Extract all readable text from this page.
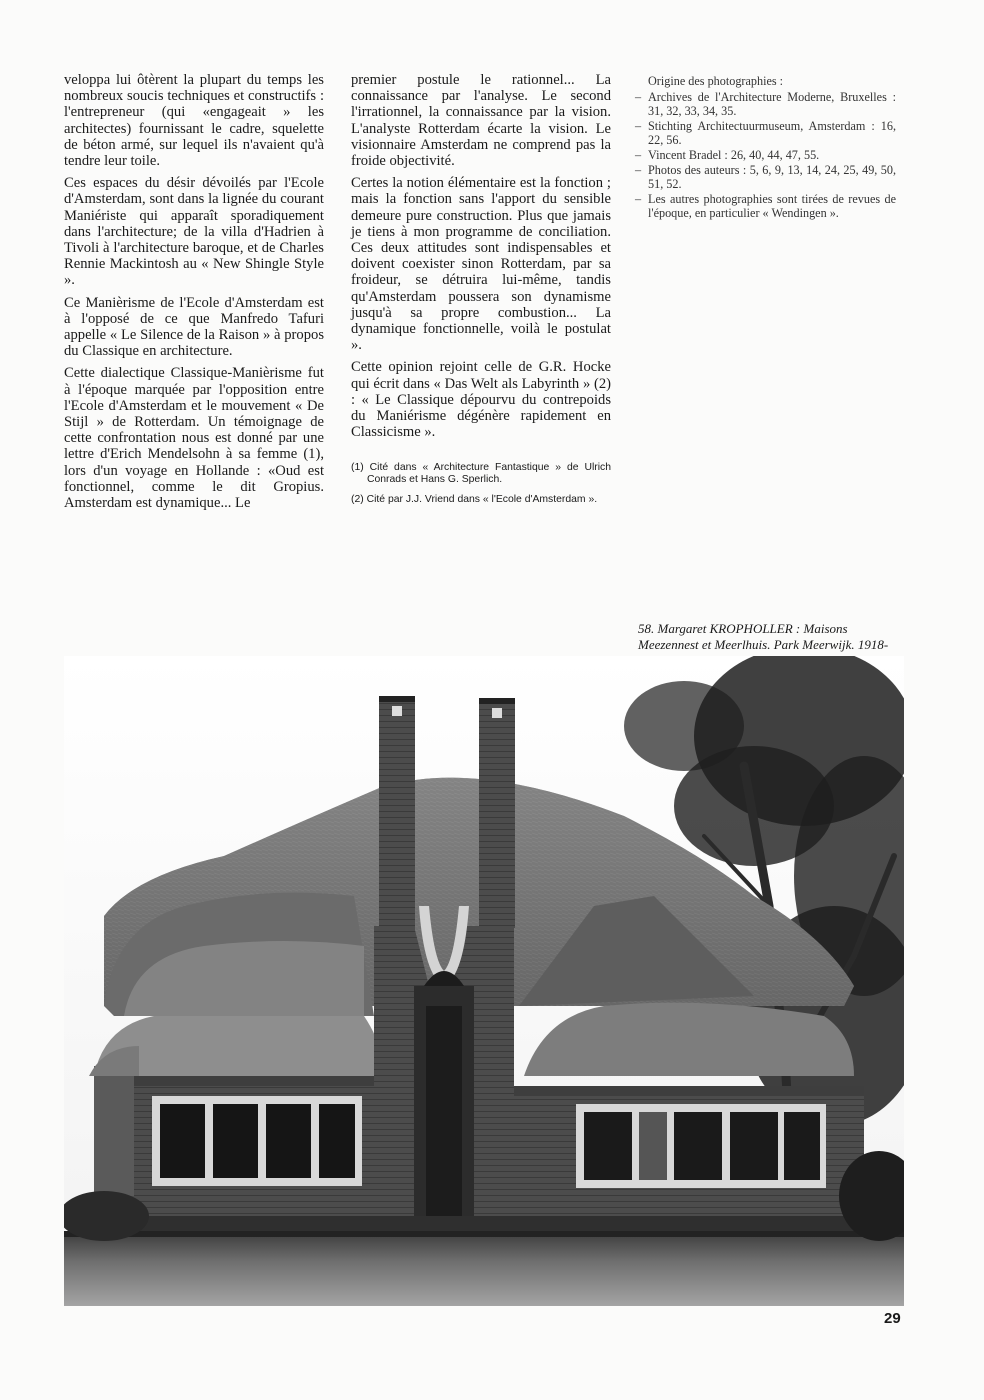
veloppa lui ôtèrent la plupart du temps les nombreux soucis techniques et constructifs : l'entrepreneur (qui «engageait » les architectes) fournissant le cadre, squelette de béton armé, sur lequel ils n'avaient qu'à tendre leur toile.

Ces espaces du désir dévoilés par l'Ecole d'Amsterdam, sont dans la lignée du courant Maniériste qui apparaît sporadiquement dans l'architecture; de la villa d'Hadrien à Tivoli à l'architecture baroque, et de Charles Rennie Mackintosh au « New Shingle Style ».

Ce Manièrisme de l'Ecole d'Amsterdam est à l'opposé de ce que Manfredo Tafuri appelle « Le Silence de la Raison » à propos du Classique en architecture.

Cette dialectique Classique-Manièrisme fut à l'époque marquée par l'opposition entre l'Ecole d'Amsterdam et le mouvement « De Stijl » de Rotterdam. Un témoignage de cette confrontation nous est donné par une lettre d'Erich Mendelsohn à sa femme (1), lors d'un voyage en Hollande : «Oud est fonctionnel, comme le dit Gropius. Amsterdam est dynamique... Le

premier postule le rationnel... La connaissance par l'analyse. Le second l'irrationnel, la connaissance par la vision. L'analyste Rotterdam écarte la vision. Le visionnaire Amsterdam ne comprend pas la froide objectivité.

Certes la notion élémentaire est la fonction ; mais la fonction sans l'apport du sensible demeure pure construction. Plus que jamais je tiens à mon programme de conciliation. Ces deux attitudes sont indispensables et doivent coexister sinon Rotterdam, par sa froideur, se détruira lui-même, tandis qu'Amsterdam poussera son dynamisme jusqu'à sa propre combustion... La dynamique fonctionnelle, voilà le postulat ».

Cette opinion rejoint celle de G.R. Hocke qui écrit dans « Das Welt als Labyrinth » (2) : « Le Classique dépourvu du contrepoids du Maniérisme dégénère rapidement en Classicisme ».

(1) Cité dans « Architecture Fantastique » de Ulrich Conrads et Hans G. Sperlich.
(2) Cité par J.J. Vriend dans « l'Ecole d'Amsterdam ».
Origine des photographies :
– Archives de l'Architecture Moderne, Bruxelles : 31, 32, 33, 34, 35.
– Stichting Architectuurmuseum, Amsterdam : 16, 22, 56.
– Vincent Bradel : 26, 40, 44, 47, 55.
– Photos des auteurs : 5, 6, 9, 13, 14, 24, 25, 49, 50, 51, 52.
– Les autres photographies sont tirées de revues de l'époque, en particulier « Wendingen ».
58. Margaret KROPHOLLER : Maisons Meezennest et Meerlhuis. Park Meerwijk. 1918-
29
